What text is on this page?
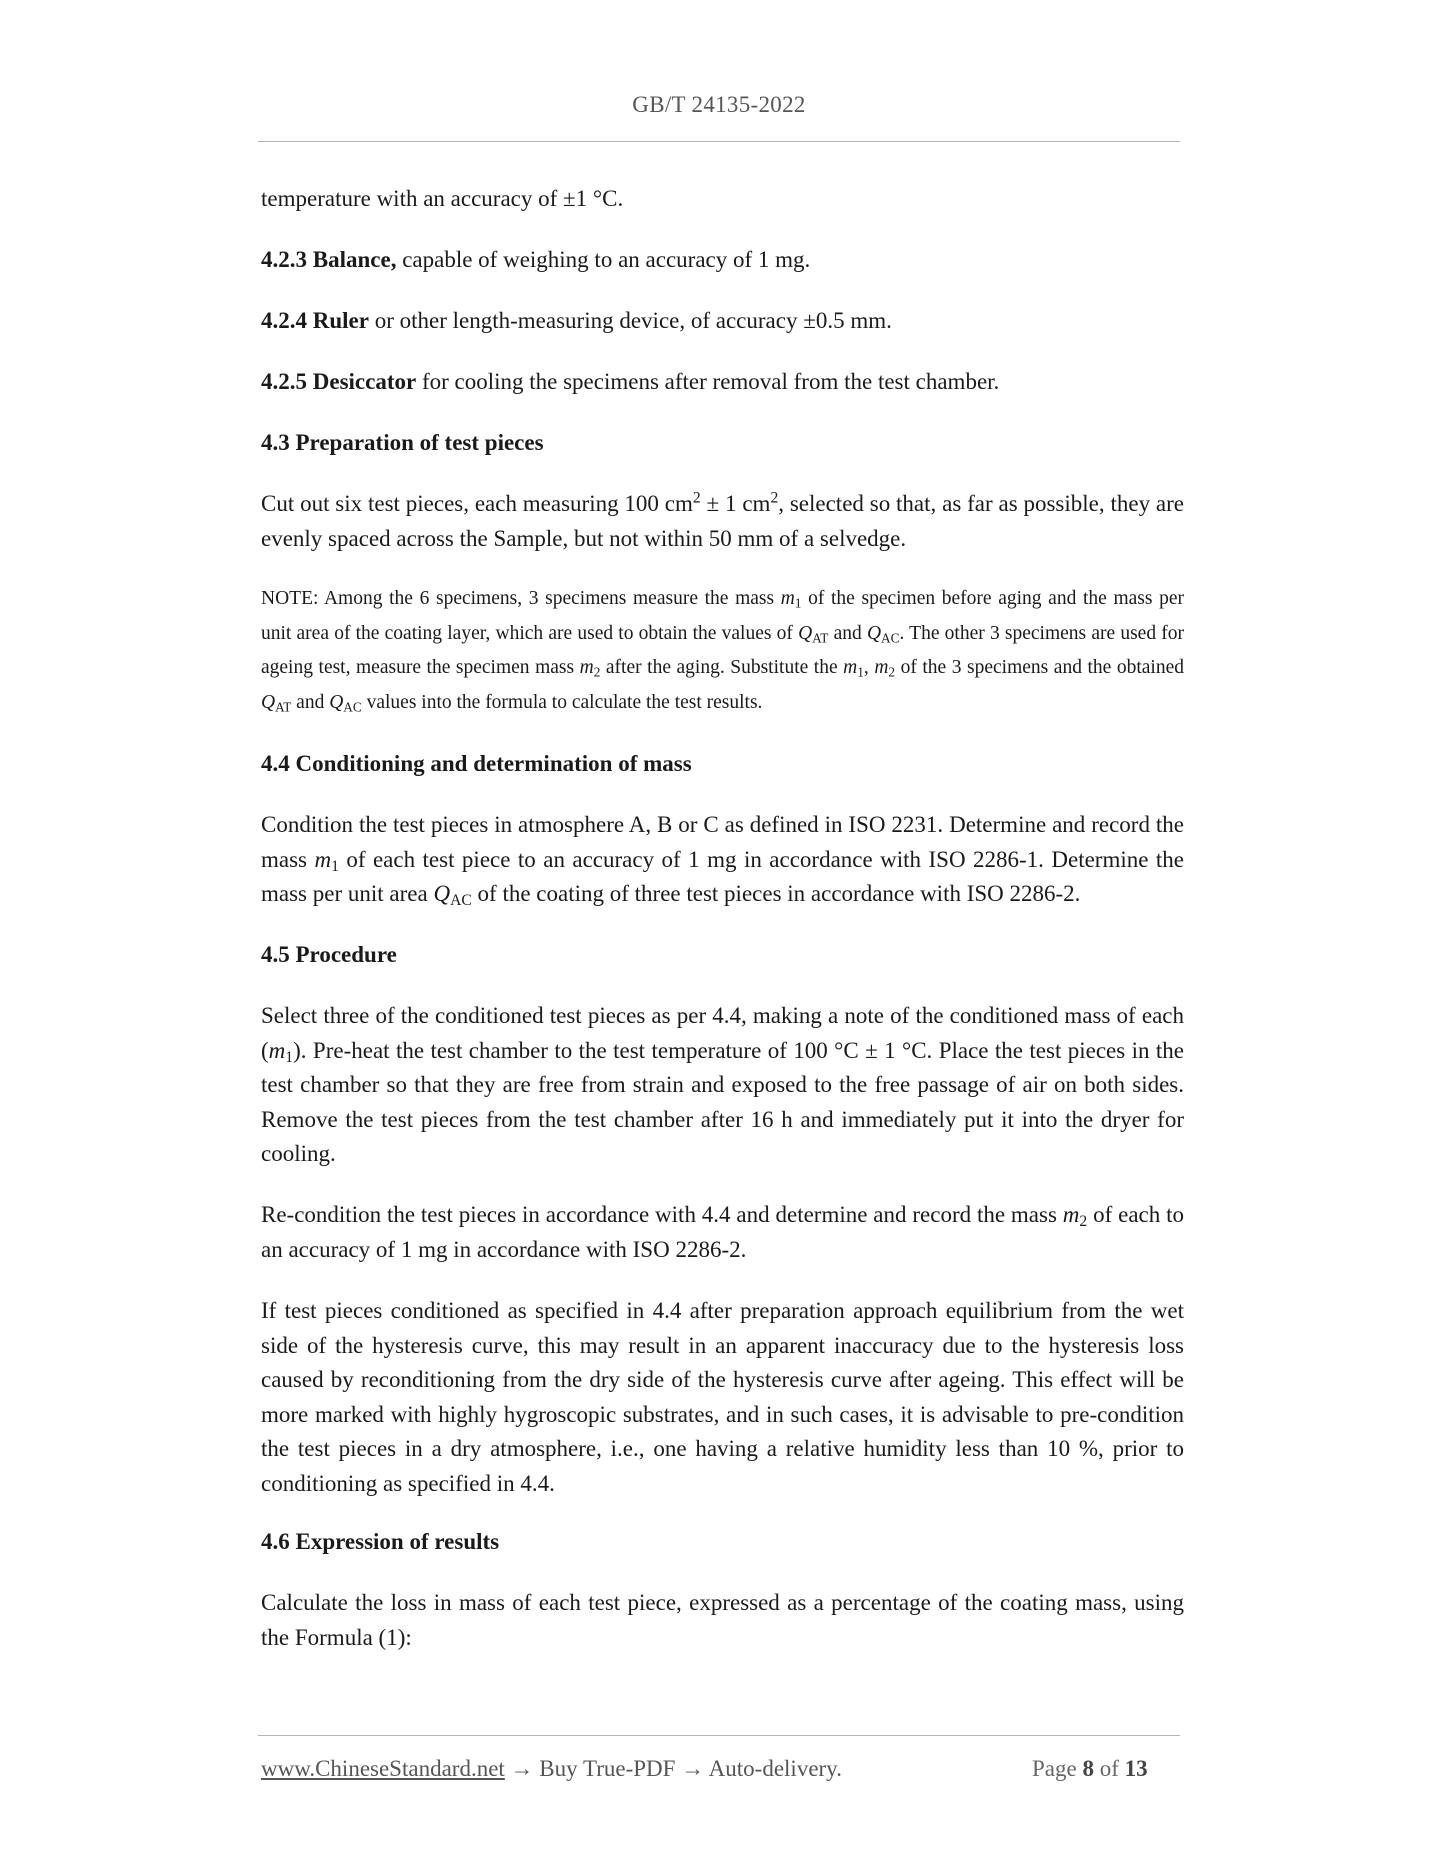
GB/T 24135-2022

temperature with an accuracy of ±1 °C.

4.2.3 Balance, capable of weighing to an accuracy of 1 mg.

4.2.4 Ruler or other length-measuring device, of accuracy ±0.5 mm.

4.2.5 Desiccator for cooling the specimens after removal from the test chamber.

4.3 Preparation of test pieces

Cut out six test pieces, each measuring 100 $cm^2 \pm 1$ $cm^2$, selected so that, as far as possible, they are evenly spaced across the Sample, but not within 50 mm of a selvedge.

NOTE: Among the 6 specimens, 3 specimens measure the mass $m_1$ of the specimen before aging and the mass per unit area of the coating layer, which are used to obtain the values of $Q_{AT}$ and $Q_{AC}$. The other 3 specimens are used for ageing test, measure the specimen mass $m_2$ after the aging. Substitute the $m_1$, $m_2$ of the 3 specimens and the obtained $Q_{AT}$ and $Q_{AC}$ values into the formula to calculate the test results.

4.4 Conditioning and determination of mass

Condition the test pieces in atmosphere A, B or C as defined in ISO 2231. Determine and record the mass $m_1$ of each test piece to an accuracy of 1 mg in accordance with ISO 2286-1. Determine the mass per unit area $Q_{AC}$ of the coating of three test pieces in accordance with ISO 2286-2.

4.5 Procedure

Select three of the conditioned test pieces as per 4.4, making a note of the conditioned mass of each $(m_1)$. Pre-heat the test chamber to the test temperature of 100 °C ± 1 °C. Place the test pieces in the test chamber so that they are free from strain and exposed to the free passage of air on both sides. Remove the test pieces from the test chamber after 16 h and immediately put it into the dryer for cooling.

Re-condition the test pieces in accordance with 4.4 and determine and record the mass $m_2$ of each to an accuracy of 1 mg in accordance with ISO 2286-2.

If test pieces conditioned as specified in 4.4 after preparation approach equilibrium from the wet side of the hysteresis curve, this may result in an apparent inaccuracy due to the hysteresis loss caused by reconditioning from the dry side of the hysteresis curve after ageing. This effect will be more marked with highly hygroscopic substrates, and in such cases, it is advisable to pre-condition the test pieces in a dry atmosphere, i.e., one having a relative humidity less than 10 %, prior to conditioning as specified in 4.4.

4.6 Expression of results

Calculate the loss in mass of each test piece, expressed as a percentage of the coating mass, using the Formula (1):

www.ChineseStandard.net → Buy True-PDF → Auto-delivery.	Page 8 of 13
